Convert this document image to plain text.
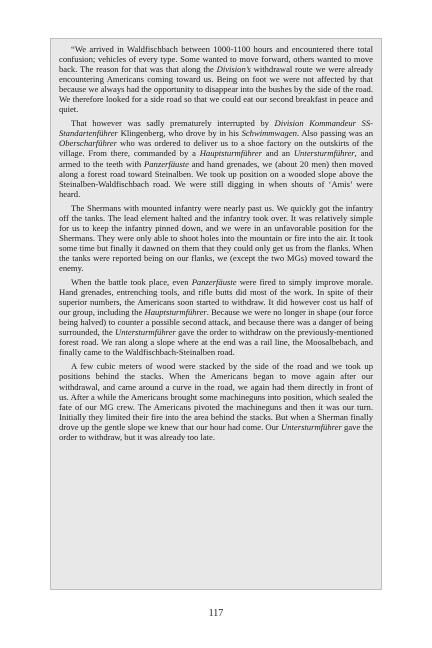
“We arrived in Waldfischbach between 1000-1100 hours and encountered there total confusion; vehicles of every type. Some wanted to move forward, others wanted to move back. The reason for that was that along the Division’s withdrawal route we were already encountering Americans coming toward us. Being on foot we were not affected by that because we always had the opportunity to disappear into the bushes by the side of the road. We therefore looked for a side road so that we could eat our second breakfast in peace and quiet.

That however was sadly prematurely interrupted by Division Kommandeur SS-Standartenführer Klingenberg, who drove by in his Schwimmwagen. Also passing was an Oberscharführer who was ordered to deliver us to a shoe factory on the outskirts of the village. From there, commanded by a Hauptsturmführer and an Untersturmführer, and armed to the teeth with Panzerfäuste and hand grenades, we (about 20 men) then moved along a forest road toward Steinalben. We took up position on a wooded slope above the Steinalben-Waldfischbach road. We were still digging in when shouts of ‘Amis’ were heard.

The Shermans with mounted infantry were nearly past us. We quickly got the infantry off the tanks. The lead element halted and the infantry took over. It was relatively simple for us to keep the infantry pinned down, and we were in an unfavorable position for the Shermans. They were only able to shoot holes into the mountain or fire into the air. It took some time but finally it dawned on them that they could only get us from the flanks. When the tanks were reported being on our flanks, we (except the two MGs) moved toward the enemy.

When the battle took place, even Panzerfäuste were fired to simply improve morale. Hand grenades, entrenching tools, and rifle butts did most of the work. In spite of their superior numbers, the Americans soon started to withdraw. It did however cost us half of our group, including the Hauptsturmführer. Because we were no longer in shape (our force being halved) to counter a possible second attack, and because there was a danger of being surrounded, the Untersturmführer gave the order to withdraw on the previously-mentioned forest road. We ran along a slope where at the end was a rail line, the Moosalbebach, and finally came to the Waldfischbach-Steinalben road.

A few cubic meters of wood were stacked by the side of the road and we took up positions behind the stacks. When the Americans began to move again after our withdrawal, and came around a curve in the road, we again had them directly in front of us. After a while the Americans brought some machineguns into position, which sealed the fate of our MG crew. The Americans pivoted the machineguns and then it was our turn. Initially they limited their fire into the area behind the stacks. But when a Sherman finally drove up the gentle slope we knew that our hour had come. Our Untersturmführer gave the order to withdraw, but it was already too late.

117
